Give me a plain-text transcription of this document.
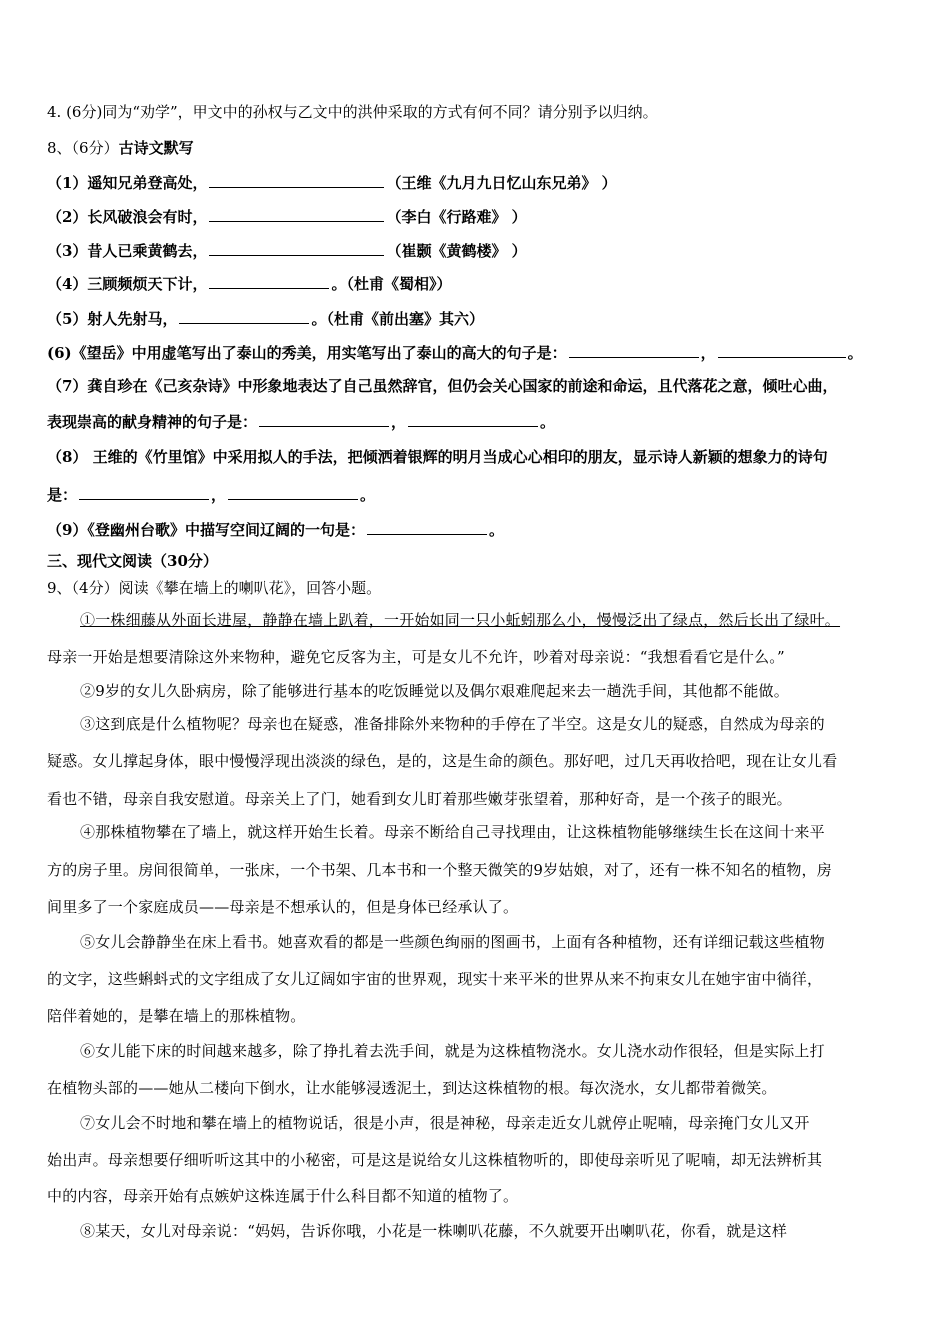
4. (6分)同为“劝学”，甲文中的孙权与乙文中的洪仲采取的方式有何不同？请分别予以归纳。
8、（6分）古诗文默写
（1）遥知兄弟登高处，	（王维《九月九日忆山东兄弟》 ）
（2）长风破浪会有时，	（李白《行路难》 ）
（3）昔人已乘黄鹤去，	（崔颢《黄鹤楼》 ）
（4）三顾频烦天下计，	。（杜甫《蜀相》）
（5）射人先射马，	。（杜甫《前出塞》其六）
(6)《望岳》中用虚笔写出了泰山的秀美，用实笔写出了泰山的高大的句子是：	，	。
（7）龚自珍在《己亥杂诗》中形象地表达了自己虽然辞官，但仍会关心国家的前途和命运，且代落花之意，倾吐心曲，
表现崇高的献身精神的句子是：	，	。
（8） 王维的《竹里馆》中采用拟人的手法，把倾洒着银辉的明月当成心心相印的朋友，显示诗人新颖的想象力的诗句
是：	，	。
（9）《登幽州台歌》中描写空间辽阔的一句是：	。
三、现代文阅读（30分）
9、（4分）阅读《攀在墙上的喇叭花》，回答小题。
①一株细藤从外面长进屋，静静在墙上趴着，一开始如同一只小蚯蚓那么小，慢慢泛出了绿点，然后长出了绿叶。
母亲一开始是想要清除这外来物种，避免它反客为主，可是女儿不允许，吵着对母亲说：“我想看看它是什么。”
②9岁的女儿久卧病房，除了能够进行基本的吃饭睡觉以及偶尔艰难爬起来去一趟洗手间，其他都不能做。
③这到底是什么植物呢？母亲也在疑惑，准备排除外来物种的手停在了半空。这是女儿的疑惑，自然成为母亲的
疑惑。女儿撑起身体，眼中慢慢浮现出淡淡的绿色，是的，这是生命的颜色。那好吧，过几天再收拾吧，现在让女儿看
看也不错，母亲自我安慰道。母亲关上了门，她看到女儿盯着那些嫩芽张望着，那种好奇，是一个孩子的眼光。
④那株植物攀在了墙上，就这样开始生长着。母亲不断给自己寻找理由，让这株植物能够继续生长在这间十来平
方的房子里。房间很简单，一张床，一个书架、几本书和一个整天微笑的9岁姑娘，对了，还有一株不知名的植物，房
间里多了一个家庭成员——母亲是不想承认的，但是身体已经承认了。
⑤女儿会静静坐在床上看书。她喜欢看的都是一些颜色绚丽的图画书，上面有各种植物，还有详细记载这些植物
的文字，这些蝌蚪式的文字组成了女儿辽阔如宇宙的世界观，现实十来平米的世界从来不拘束女儿在她宇宙中徜徉，
陪伴着她的，是攀在墙上的那株植物。
⑥女儿能下床的时间越来越多，除了挣扎着去洗手间，就是为这株植物浇水。女儿浇水动作很轻，但是实际上打
在植物头部的——她从二楼向下倒水，让水能够浸透泥土，到达这株植物的根。每次浇水，女儿都带着微笑。
⑦女儿会不时地和攀在墙上的植物说话，很是小声，很是神秘，母亲走近女儿就停止呢喃，母亲掩门女儿又开
始出声。母亲想要仔细听听这其中的小秘密，可是这是说给女儿这株植物听的，即使母亲听见了呢喃，却无法辨析其
中的内容，母亲开始有点嫉妒这株连属于什么科目都不知道的植物了。
⑧某天，女儿对母亲说：“妈妈，告诉你哦，小花是一株喇叭花藤，不久就要开出喇叭花，你看，就是这样
